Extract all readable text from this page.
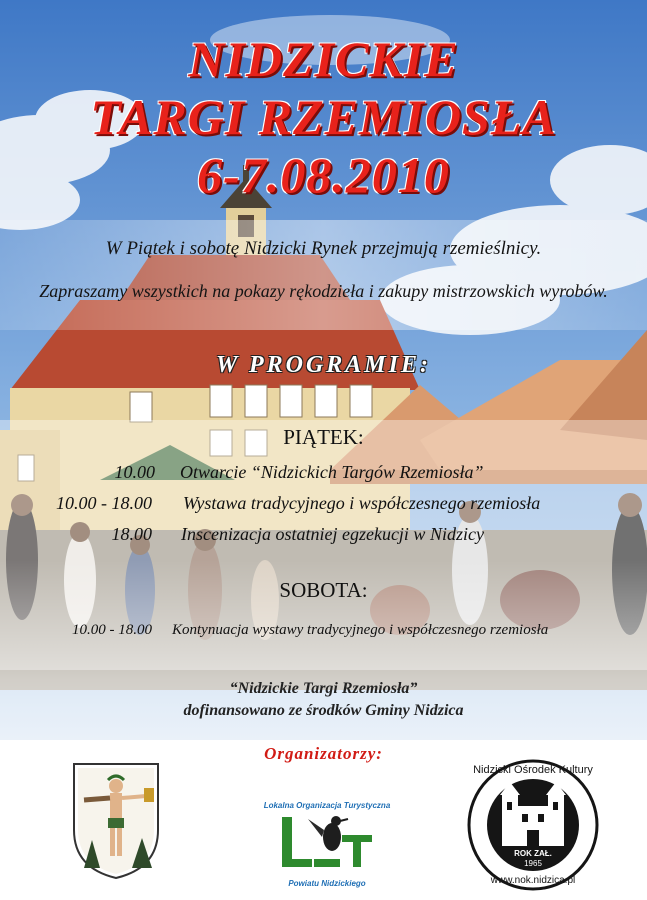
NIDZICKIE
TARGI RZEMIOSŁA
6-7.08.2010
W Piątek i sobotę Nidzicki Rynek przejmują rzemieślnicy.
Zapraszamy wszystkich na pokazy rękodzieła i zakupy mistrzowskich wyrobów.
W PROGRAMIE:
PIĄTEK:
10.00 Otwarcie “Nidzickich Targów Rzemiosła”
10.00 - 18.00 Wystawa tradycyjnego i współczesnego rzemiosła
18.00 Inscenizacja ostatniej egzekucji w Nidzicy
SOBOTA:
10.00 - 18.00 Kontynuacja wystawy tradycyjnego i współczesnego rzemiosła
“Nidzickie Targi Rzemiosła”
dofinansowano ze środków Gminy Nidzica
Organizatorzy:
Lokalna Organizacja Turystyczna
Powiatu Nidzickiego
Nidzicki Ośrodek Kultury
ROK ZAŁ.
1965
www.nok.nidzica.pl
